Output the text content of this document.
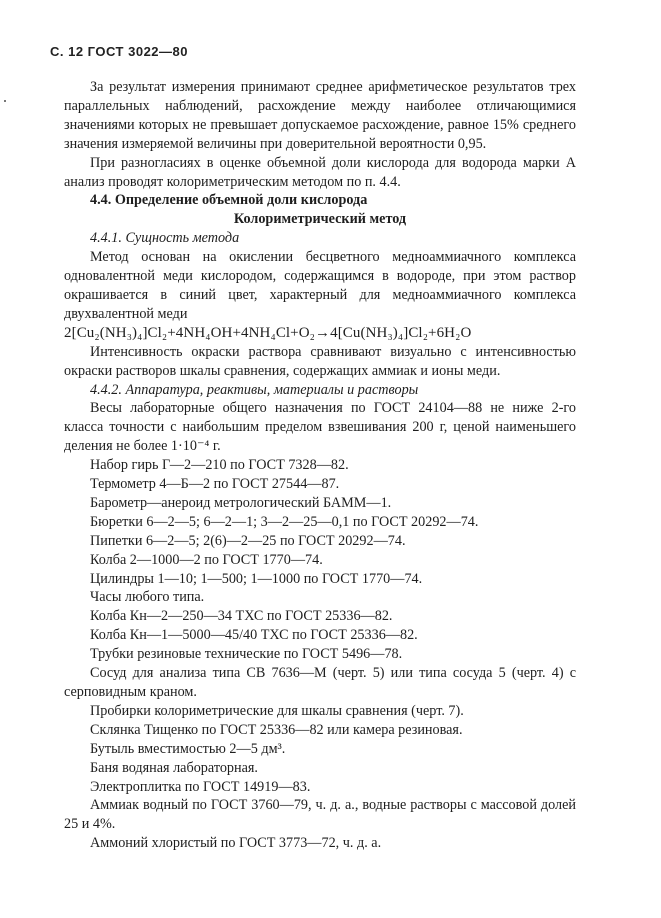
С. 12 ГОСТ 3022—80

За результат измерения принимают среднее арифметическое результатов трех параллельных наблюдений, расхождение между наиболее отличающимися значениями которых не превышает допускаемое расхождение, равное 15% среднего значения измеряемой величины при доверительной вероятности 0,95.

При разногласиях в оценке объемной доли кислорода для водорода марки А анализ проводят колориметрическим методом по п. 4.4.

4.4. Определение объемной доли кислорода

Колориметрический метод

4.4.1. Сущность метода

Метод основан на окислении бесцветного медноаммиачного комплекса одновалентной меди кислородом, содержащимся в водороде, при этом раствор окрашивается в синий цвет, характерный для медноаммиачного комплекса двухвалентной меди

2[Cu₂(NH₃)₄]Cl₂+4NH₄OH+4NH₄Cl+O₂→4[Cu(NH₃)₄]Cl₂+6H₂O

Интенсивность окраски раствора сравнивают визуально с интенсивностью окраски растворов шкалы сравнения, содержащих аммиак и ионы меди.

4.4.2. Аппаратура, реактивы, материалы и растворы

Весы лабораторные общего назначения по ГОСТ 24104—88 не ниже 2-го класса точности с наибольшим пределом взвешивания 200 г, ценой наименьшего деления не более 1·10⁻⁴ г.

Набор гирь Г—2—210 по ГОСТ 7328—82.

Термометр 4—Б—2 по ГОСТ 27544—87.

Барометр—анероид метрологический БАММ—1.

Бюретки 6—2—5; 6—2—1; 3—2—25—0,1 по ГОСТ 20292—74.

Пипетки 6—2—5; 2(6)—2—25 по ГОСТ 20292—74.

Колба 2—1000—2 по ГОСТ 1770—74.

Цилиндры 1—10; 1—500; 1—1000 по ГОСТ 1770—74.

Часы любого типа.

Колба Кн—2—250—34 ТХС по ГОСТ 25336—82.

Колба Кн—1—5000—45/40 ТХС по ГОСТ 25336—82.

Трубки резиновые технические по ГОСТ 5496—78.

Сосуд для анализа типа СВ 7636—М (черт. 5) или типа сосуда 5 (черт. 4) с серповидным краном.

Пробирки колориметрические для шкалы сравнения (черт. 7).

Склянка Тищенко по ГОСТ 25336—82 или камера резиновая.

Бутыль вместимостью 2—5 дм³.

Баня водяная лабораторная.

Электроплитка по ГОСТ 14919—83.

Аммиак водный по ГОСТ 3760—79, ч. д. а., водные растворы с массовой долей 25 и 4%.

Аммоний хлористый по ГОСТ 3773—72, ч. д. а.
